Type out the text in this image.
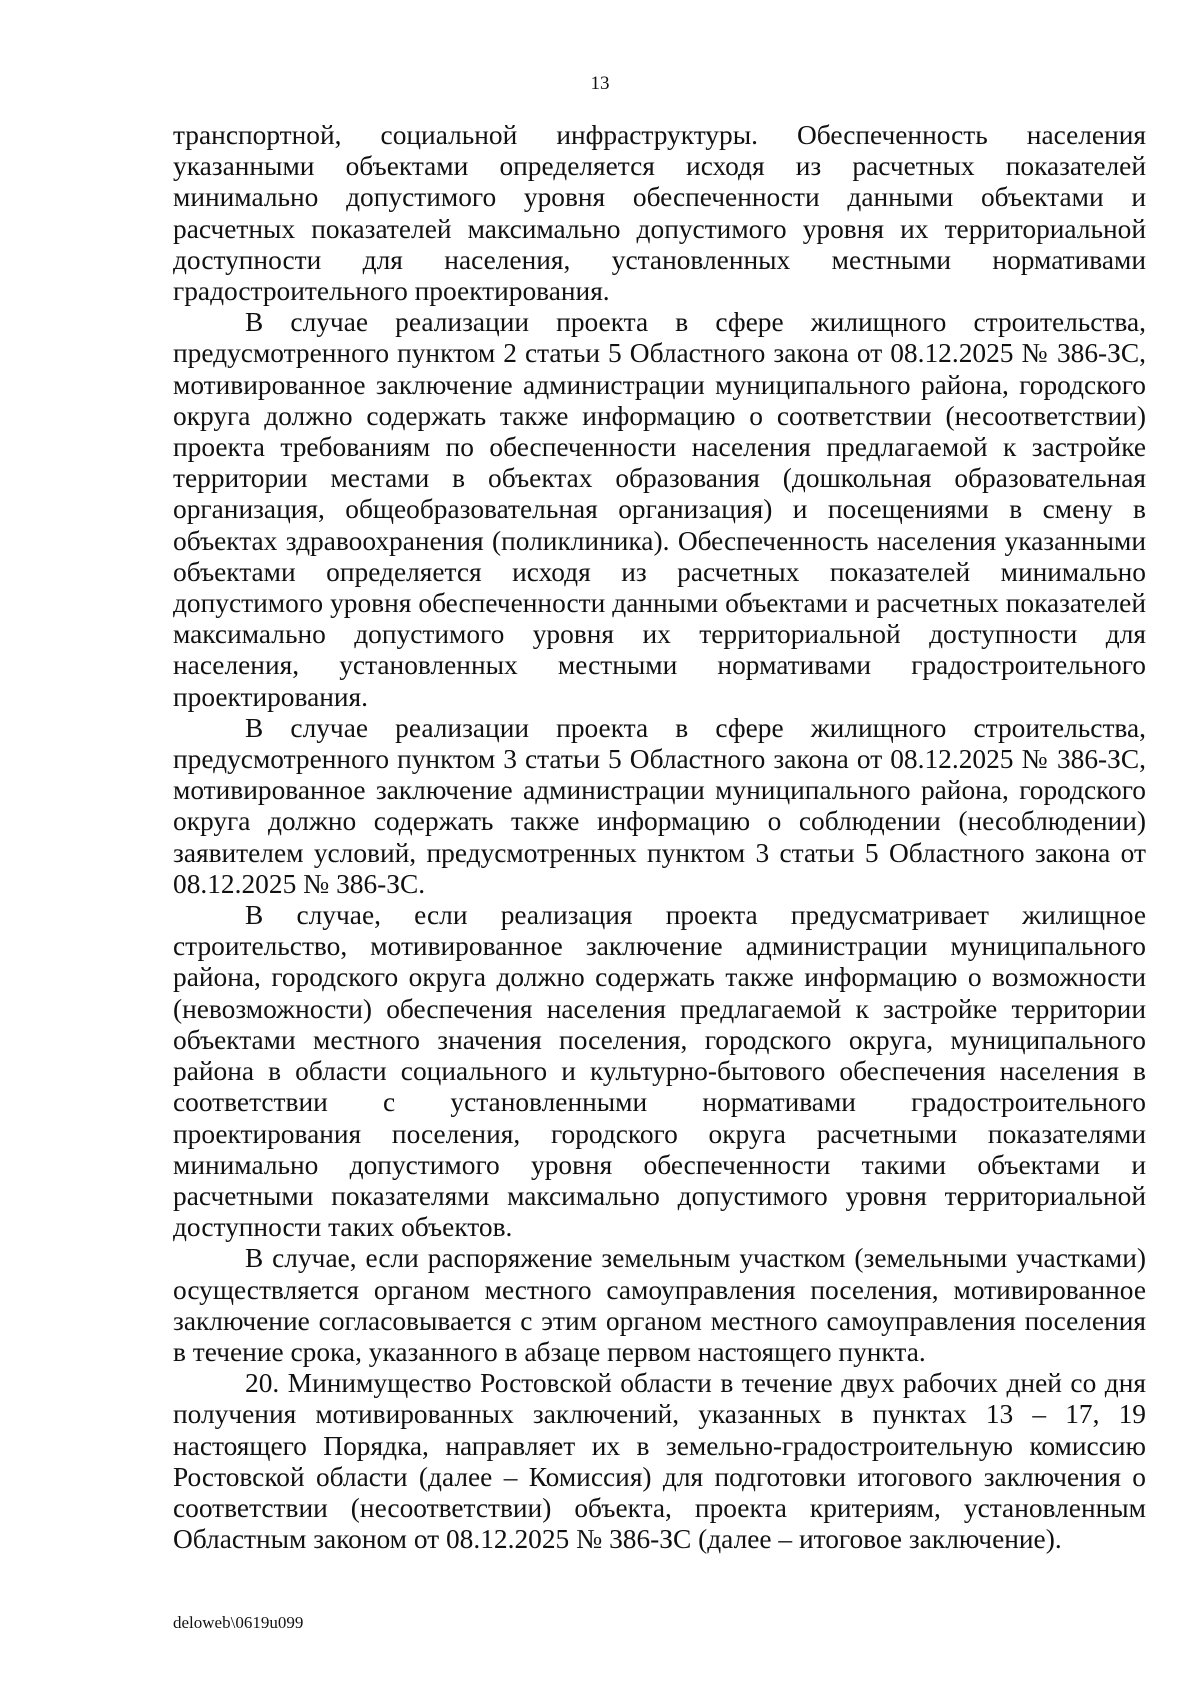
13

транспортной, социальной инфраструктуры. Обеспеченность населения указанными объектами определяется исходя из расчетных показателей минимально допустимого уровня обеспеченности данными объектами и расчетных показателей максимально допустимого уровня их территориальной доступности для населения, установленных местными нормативами градостроительного проектирования.

В случае реализации проекта в сфере жилищного строительства, предусмотренного пунктом 2 статьи 5 Областного закона от 08.12.2025 № 386-ЗС, мотивированное заключение администрации муниципального района, городского округа должно содержать также информацию о соответствии (несоответствии) проекта требованиям по обеспеченности населения предлагаемой к застройке территории местами в объектах образования (дошкольная образовательная организация, общеобразовательная организация) и посещениями в смену в объектах здравоохранения (поликлиника). Обеспеченность населения указанными объектами определяется исходя из расчетных показателей минимально допустимого уровня обеспеченности данными объектами и расчетных показателей максимально допустимого уровня их территориальной доступности для населения, установленных местными нормативами градостроительного проектирования.

В случае реализации проекта в сфере жилищного строительства, предусмотренного пунктом 3 статьи 5 Областного закона от 08.12.2025 № 386-ЗС, мотивированное заключение администрации муниципального района, городского округа должно содержать также информацию о соблюдении (несоблюдении) заявителем условий, предусмотренных пунктом 3 статьи 5 Областного закона от 08.12.2025 № 386-ЗС.

В случае, если реализация проекта предусматривает жилищное строительство, мотивированное заключение администрации муниципального района, городского округа должно содержать также информацию о возможности (невозможности) обеспечения населения предлагаемой к застройке территории объектами местного значения поселения, городского округа, муниципального района в области социального и культурно-бытового обеспечения населения в соответствии с установленными нормативами градостроительного проектирования поселения, городского округа расчетными показателями минимально допустимого уровня обеспеченности такими объектами и расчетными показателями максимально допустимого уровня территориальной доступности таких объектов.

В случае, если распоряжение земельным участком (земельными участками) осуществляется органом местного самоуправления поселения, мотивированное заключение согласовывается с этим органом местного самоуправления поселения в течение срока, указанного в абзаце первом настоящего пункта.

20. Минимущество Ростовской области в течение двух рабочих дней со дня получения мотивированных заключений, указанных в пунктах 13 – 17, 19 настоящего Порядка, направляет их в земельно-градостроительную комиссию Ростовской области (далее – Комиссия) для подготовки итогового заключения о соответствии (несоответствии) объекта, проекта критериям, установленным Областным законом от 08.12.2025 № 386-ЗС (далее – итоговое заключение).

deloweb\0619u099
